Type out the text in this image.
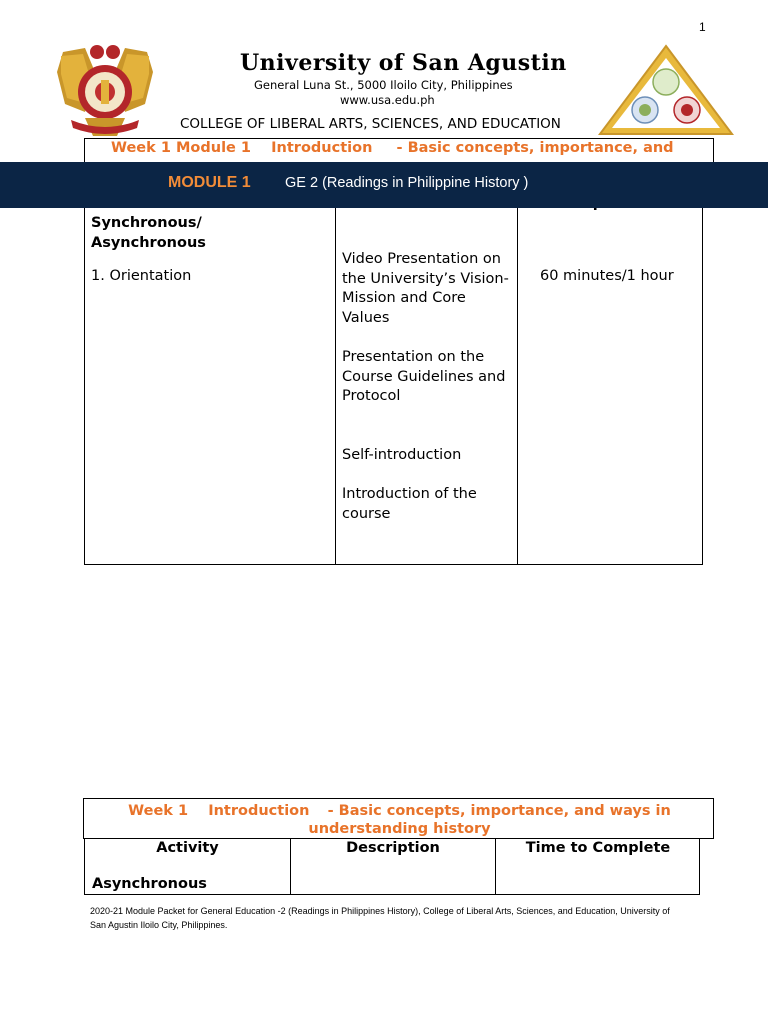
1
University of San Agustin
General Luna St., 5000 Iloilo City, Philippines
www.usa.edu.ph
COLLEGE OF LIBERAL ARTS, SCIENCES, AND EDUCATION
Week 1 Module 1 Introduction - Basic concepts, importance, and
Synchronous/ Asynchronous
1. Orientation
Video Presentation on the University’s Vision-Mission and Core Values
Presentation on the Course Guidelines and Protocol
Self-introduction
Introduction of the course
60 minutes/1 hour
MODULE 1 GE 2 (Readings in Philippine History )
Week 1 Introduction - Basic concepts, importance, and ways in understanding history
Activity	Description	Time to Complete
Asynchronous
2020-21 Module Packet for General Education -2 (Readings in Philippines History), College of Liberal Arts, Sciences, and Education, University of San Agustin Iloilo City, Philippines.
